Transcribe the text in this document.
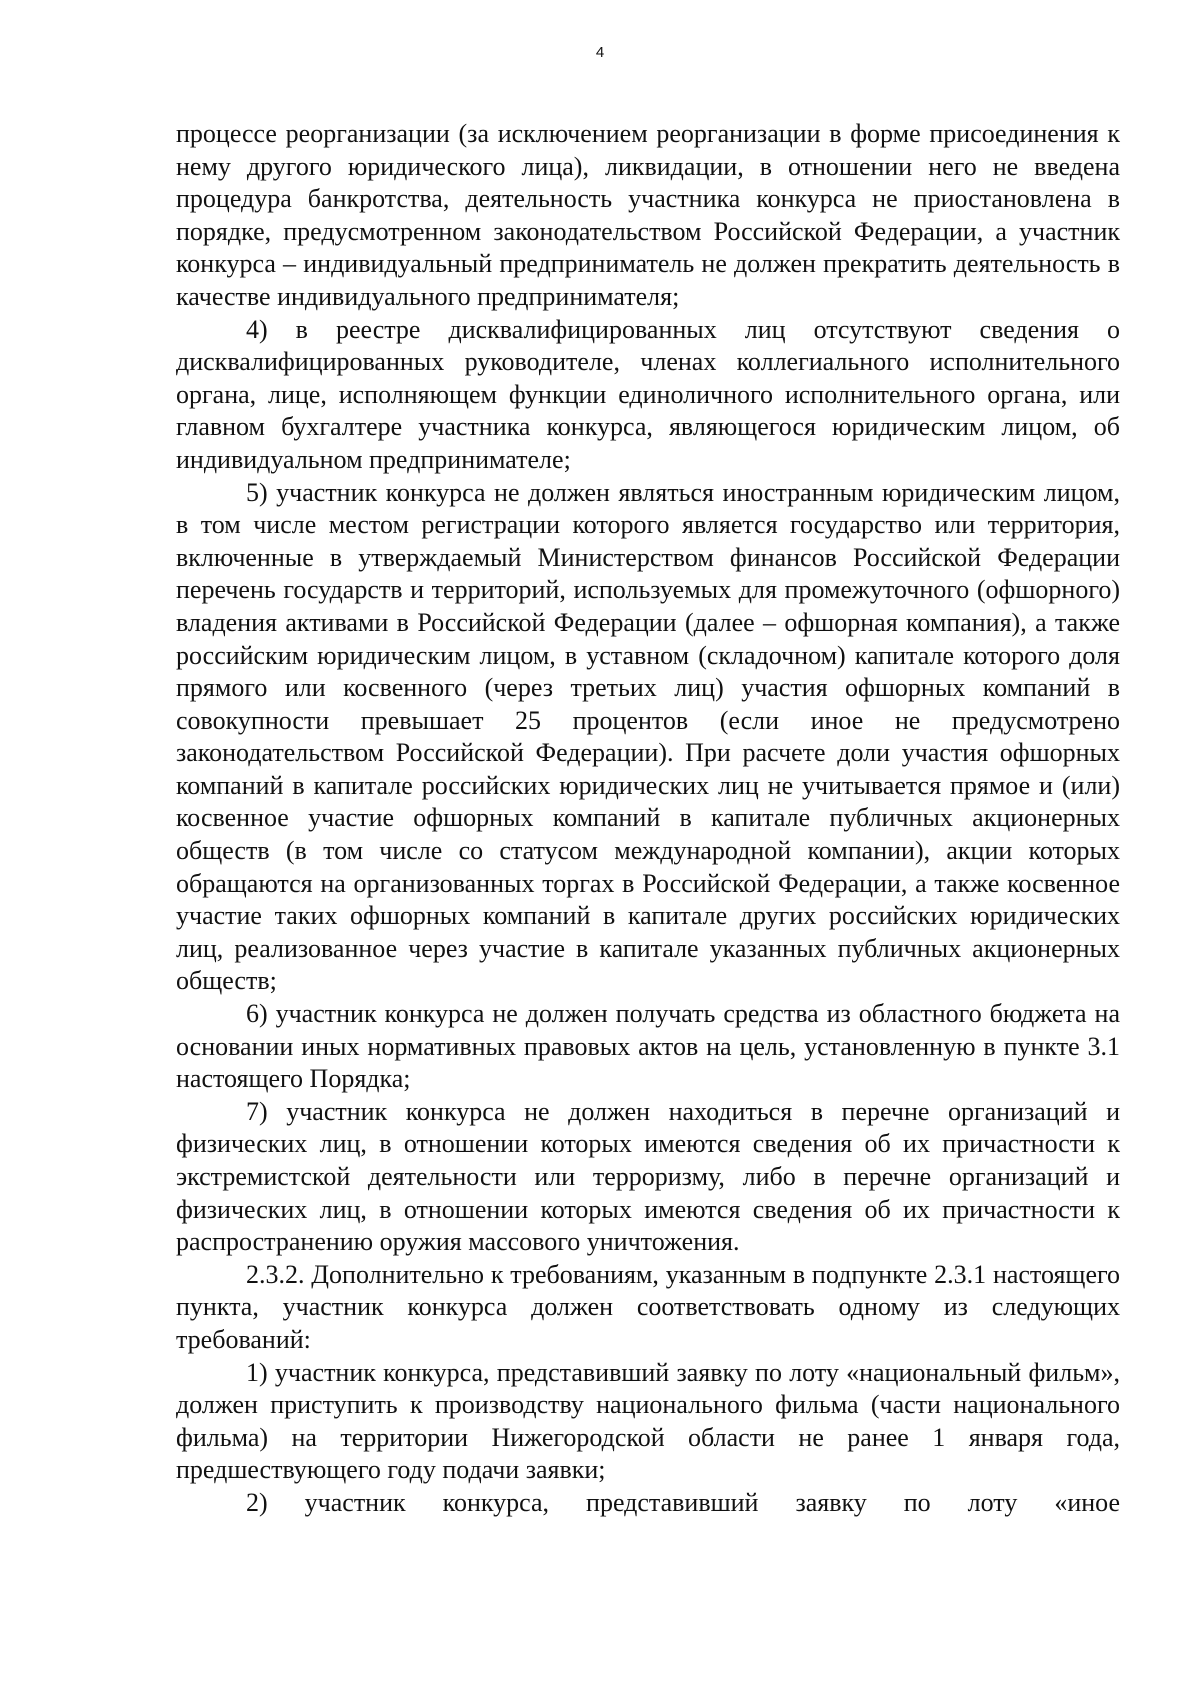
4

процессе реорганизации (за исключением реорганизации в форме присоединения к нему другого юридического лица), ликвидации, в отношении него не введена процедура банкротства, деятельность участника конкурса не приостановлена в порядке, предусмотренном законодательством Российской Федерации, а участник конкурса – индивидуальный предприниматель не должен прекратить деятельность в качестве индивидуального предпринимателя;

4) в реестре дисквалифицированных лиц отсутствуют сведения о дисквалифицированных руководителе, членах коллегиального исполнительного органа, лице, исполняющем функции единоличного исполнительного органа, или главном бухгалтере участника конкурса, являющегося юридическим лицом, об индивидуальном предпринимателе;

5) участник конкурса не должен являться иностранным юридическим лицом, в том числе местом регистрации которого является государство или территория, включенные в утверждаемый Министерством финансов Российской Федерации перечень государств и территорий, используемых для промежуточного (офшорного) владения активами в Российской Федерации (далее – офшорная компания), а также российским юридическим лицом, в уставном (складочном) капитале которого доля прямого или косвенного (через третьих лиц) участия офшорных компаний в совокупности превышает 25 процентов (если иное не предусмотрено законодательством Российской Федерации). При расчете доли участия офшорных компаний в капитале российских юридических лиц не учитывается прямое и (или) косвенное участие офшорных компаний в капитале публичных акционерных обществ (в том числе со статусом международной компании), акции которых обращаются на организованных торгах в Российской Федерации, а также косвенное участие таких офшорных компаний в капитале других российских юридических лиц, реализованное через участие в капитале указанных публичных акционерных обществ;

6) участник конкурса не должен получать средства из областного бюджета на основании иных нормативных правовых актов на цель, установленную в пункте 3.1 настоящего Порядка;

7) участник конкурса не должен находиться в перечне организаций и физических лиц, в отношении которых имеются сведения об их причастности к экстремистской деятельности или терроризму, либо в перечне организаций и физических лиц, в отношении которых имеются сведения об их причастности к распространению оружия массового уничтожения.

2.3.2. Дополнительно к требованиям, указанным в подпункте 2.3.1 настоящего пункта, участник конкурса должен соответствовать одному из следующих требований:

1) участник конкурса, представивший заявку по лоту «национальный фильм», должен приступить к производству национального фильма (части национального фильма) на территории Нижегородской области не ранее 1 января года, предшествующего году подачи заявки;

2) участник конкурса, представивший заявку по лоту «иное
